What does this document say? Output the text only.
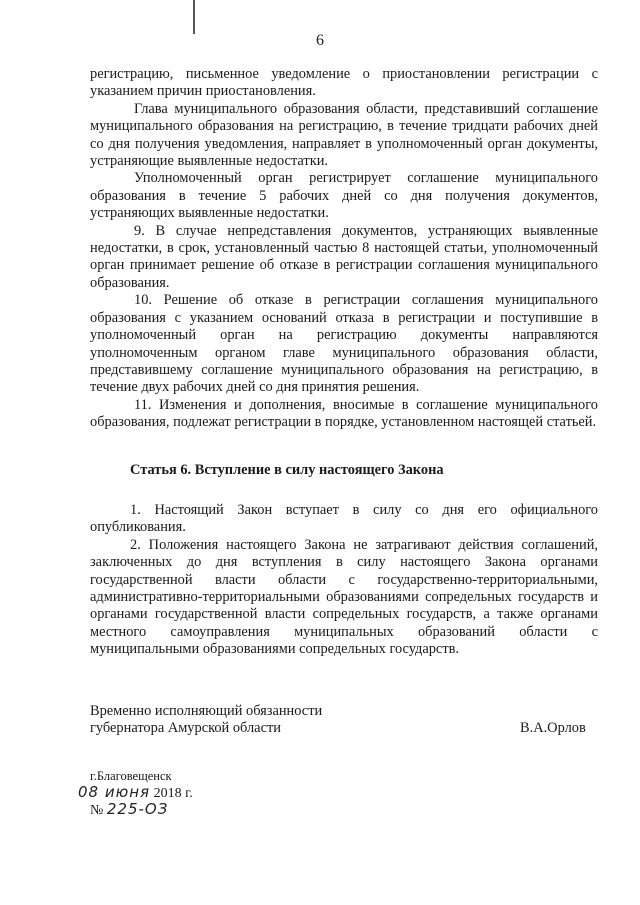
6

регистрацию, письменное уведомление о приостановлении регистрации с указанием причин приостановления.

Глава муниципального образования области, представивший соглашение муниципального образования на регистрацию, в течение тридцати рабочих дней со дня получения уведомления, направляет в уполномоченный орган документы, устраняющие выявленные недостатки.

Уполномоченный орган регистрирует соглашение муниципального образования в течение 5 рабочих дней со дня получения документов, устраняющих выявленные недостатки.

9. В случае непредставления документов, устраняющих выявленные недостатки, в срок, установленный частью 8 настоящей статьи, уполномоченный орган принимает решение об отказе в регистрации соглашения муниципального образования.

10. Решение об отказе в регистрации соглашения муниципального образования с указанием оснований отказа в регистрации и поступившие в уполномоченный орган на регистрацию документы направляются уполномоченным органом главе муниципального образования области, представившему соглашение муниципального образования на регистрацию, в течение двух рабочих дней со дня принятия решения.

11. Изменения и дополнения, вносимые в соглашение муниципального образования, подлежат регистрации в порядке, установленном настоящей статьей.

Статья 6. Вступление в силу настоящего Закона

1. Настоящий Закон вступает в силу со дня его официального опубликования.

2. Положения настоящего Закона не затрагивают действия соглашений, заключенных до дня вступления в силу настоящего Закона органами государственной власти области с государственно-территориальными, административно-территориальными образованиями сопредельных государств и органами государственной власти сопредельных государств, а также органами местного самоуправления муниципальных образований области с муниципальными образованиями сопредельных государств.

Временно исполняющий обязанности
губернатора Амурской области	В.А.Орлов
г.Благовещенск
08 июня 2018 г.
№ 225-ОЗ
